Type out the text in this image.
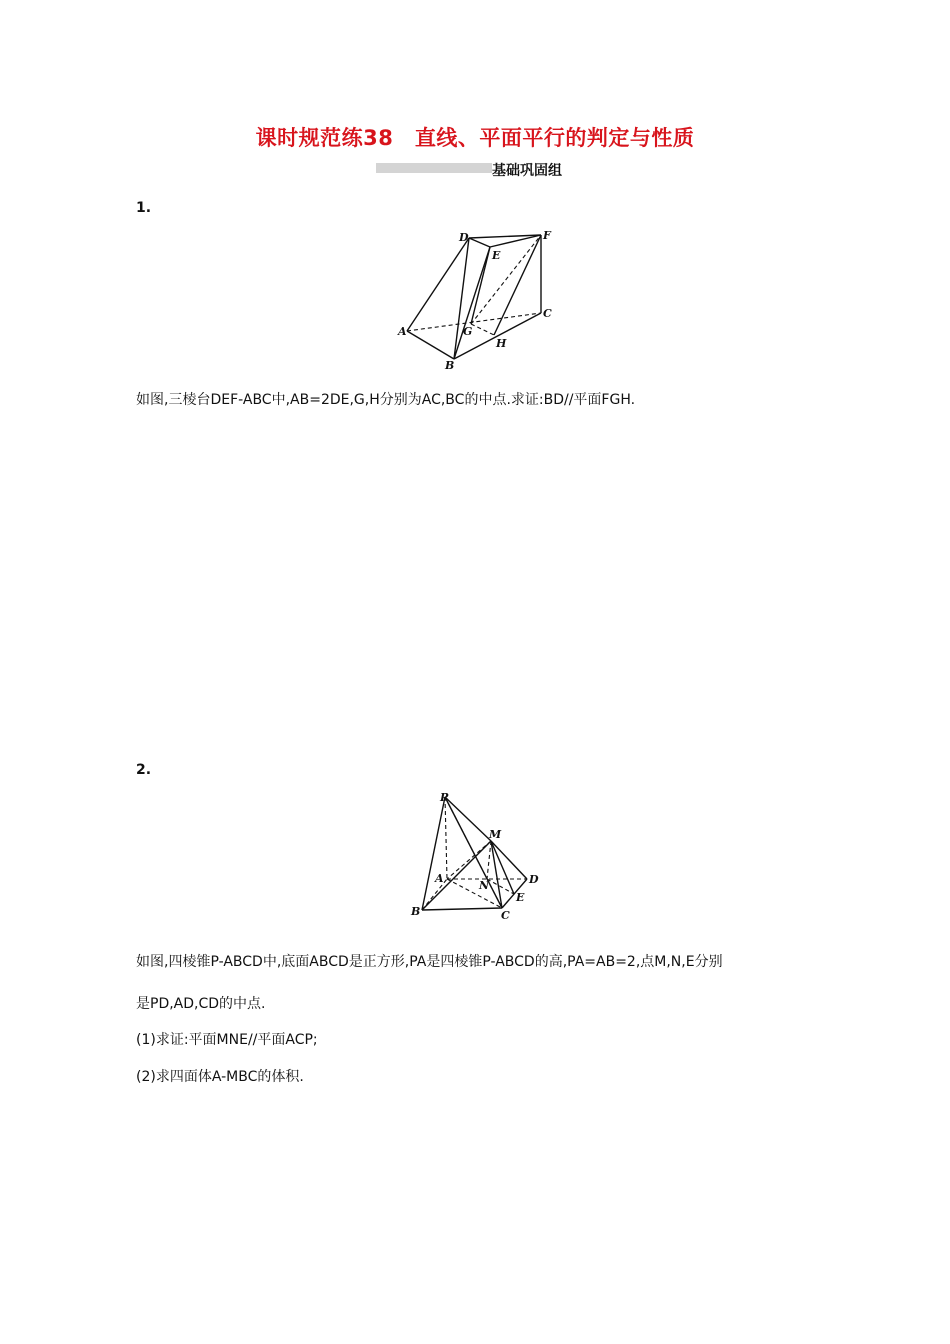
课时规范练38　直线、平面平行的判定与性质
基础巩固组
1.
D
E
F
A	G
C
H
B
如图,三棱台DEF-ABC中,AB=2DE,G,H分别为AC,BC的中点.求证:BD//平面FGH.
2.
P
M
A
N	D
E
B	C
如图,四棱锥P-ABCD中,底面ABCD是正方形,PA是四棱锥P-ABCD的高,PA=AB=2,点M,N,E分别
是PD,AD,CD的中点.
(1)求证:平面MNE//平面ACP;
(2)求四面体A-MBC的体积.
